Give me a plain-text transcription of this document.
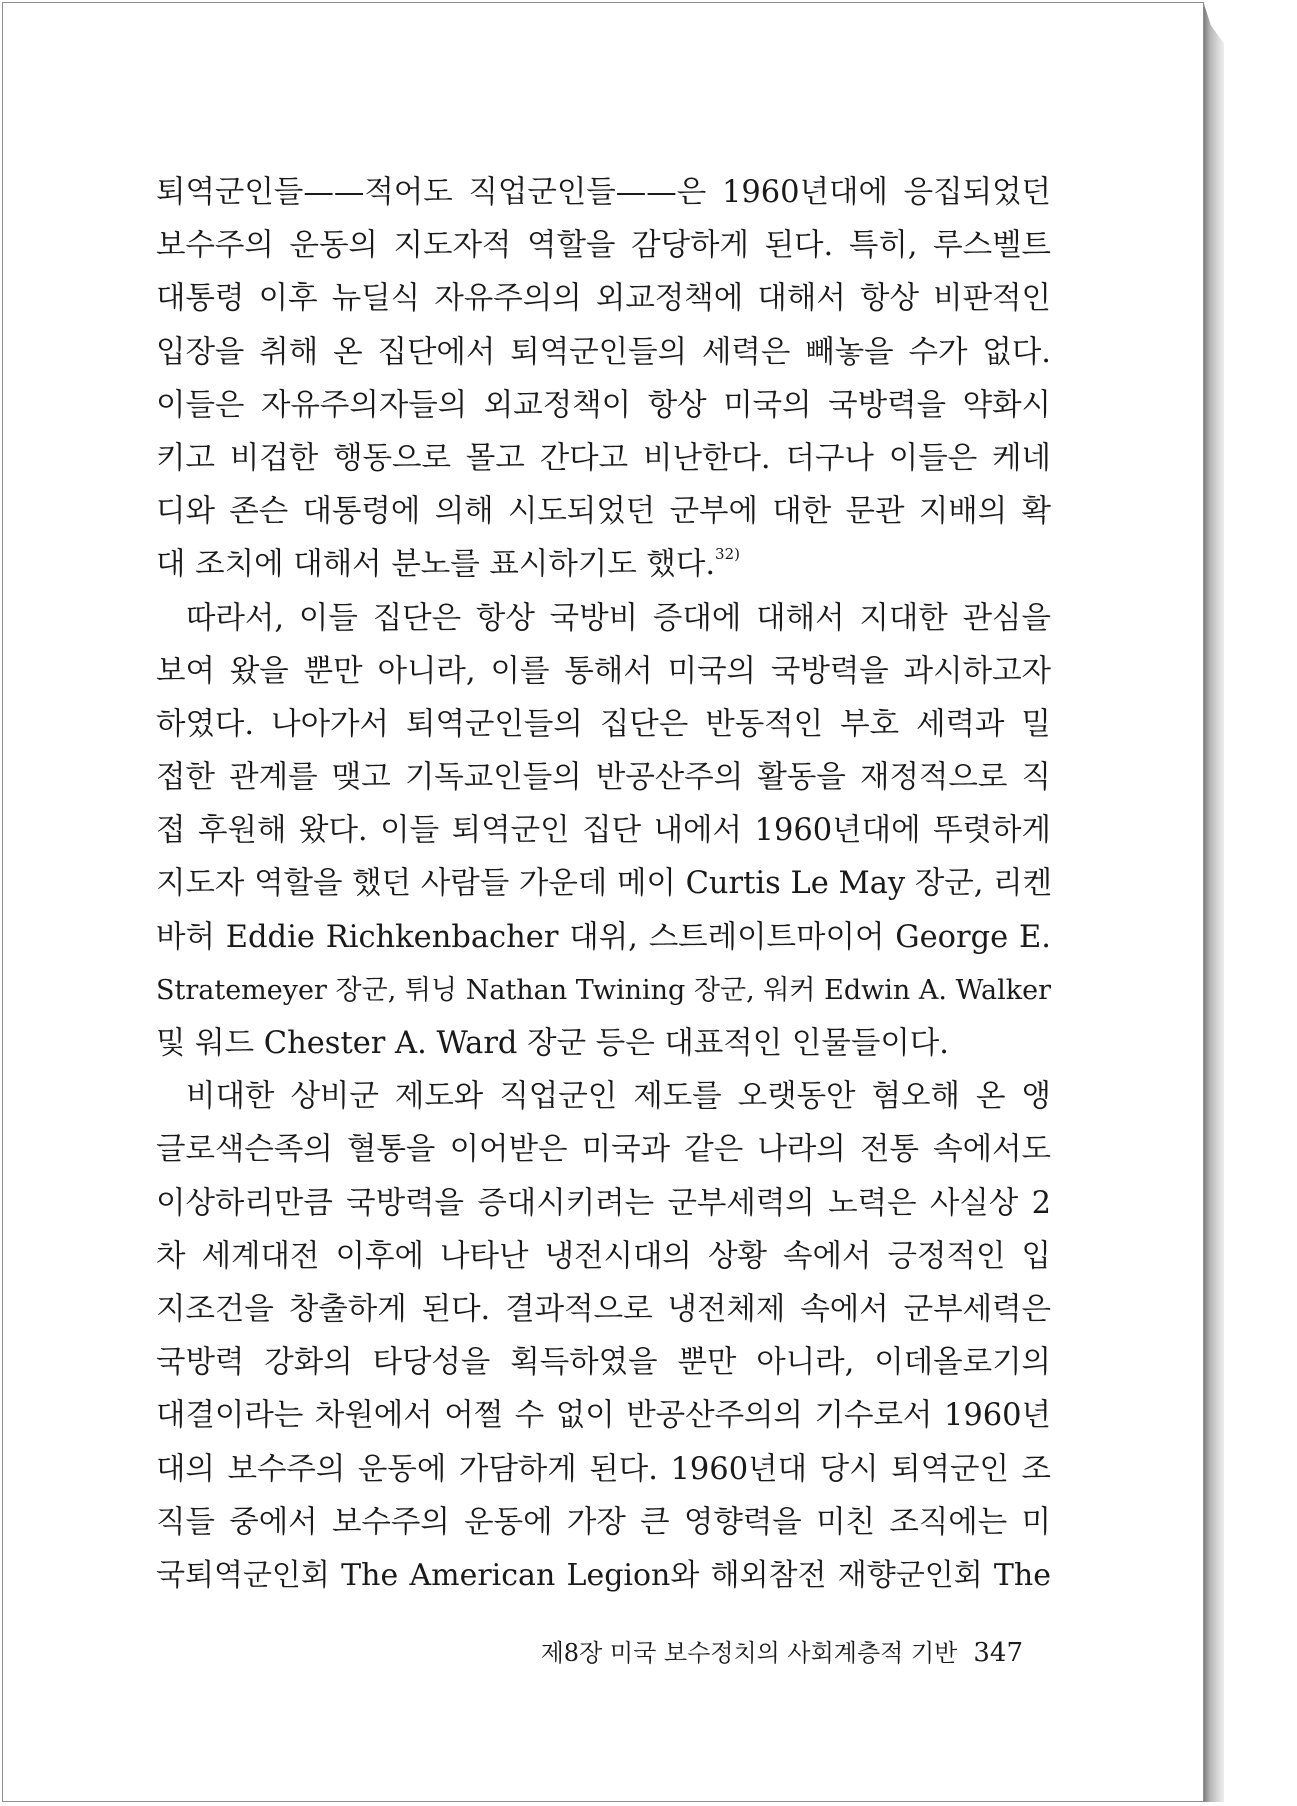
퇴역군인들——적어도 직업군인들——은 1960년대에 응집되었던
보수주의 운동의 지도자적 역할을 감당하게 된다. 특히, 루스벨트
대통령 이후 뉴딜식 자유주의의 외교정책에 대해서 항상 비판적인
입장을 취해 온 집단에서 퇴역군인들의 세력은 빼놓을 수가 없다.
이들은 자유주의자들의 외교정책이 항상 미국의 국방력을 약화시
키고 비겁한 행동으로 몰고 간다고 비난한다. 더구나 이들은 케네
디와 존슨 대통령에 의해 시도되었던 군부에 대한 문관 지배의 확
대 조치에 대해서 분노를 표시하기도 했다.$^{32)}$
따라서, 이들 집단은 항상 국방비 증대에 대해서 지대한 관심을
보여 왔을 뿐만 아니라, 이를 통해서 미국의 국방력을 과시하고자
하였다. 나아가서 퇴역군인들의 집단은 반동적인 부호 세력과 밀
접한 관계를 맺고 기독교인들의 반공산주의 활동을 재정적으로 직
접 후원해 왔다. 이들 퇴역군인 집단 내에서 1960년대에 뚜렷하게
지도자 역할을 했던 사람들 가운데 메이 Curtis Le May 장군, 리켄
바허 Eddie Richkenbacher 대위, 스트레이트마이어 George E.
Stratemeyer 장군, 튀닝 Nathan Twining 장군, 워커 Edwin A. Walker
및 워드 Chester A. Ward 장군 등은 대표적인 인물들이다.
비대한 상비군 제도와 직업군인 제도를 오랫동안 혐오해 온 앵
글로색슨족의 혈통을 이어받은 미국과 같은 나라의 전통 속에서도
이상하리만큼 국방력을 증대시키려는 군부세력의 노력은 사실상 2
차 세계대전 이후에 나타난 냉전시대의 상황 속에서 긍정적인 입
지조건을 창출하게 된다. 결과적으로 냉전체제 속에서 군부세력은
국방력 강화의 타당성을 획득하였을 뿐만 아니라, 이데올로기의
대결이라는 차원에서 어쩔 수 없이 반공산주의의 기수로서 1960년
대의 보수주의 운동에 가담하게 된다. 1960년대 당시 퇴역군인 조
직들 중에서 보수주의 운동에 가장 큰 영향력을 미친 조직에는 미
국퇴역군인회 The American Legion와 해외참전 재향군인회 The
제8장 미국 보수정치의 사회계층적 기반 347
